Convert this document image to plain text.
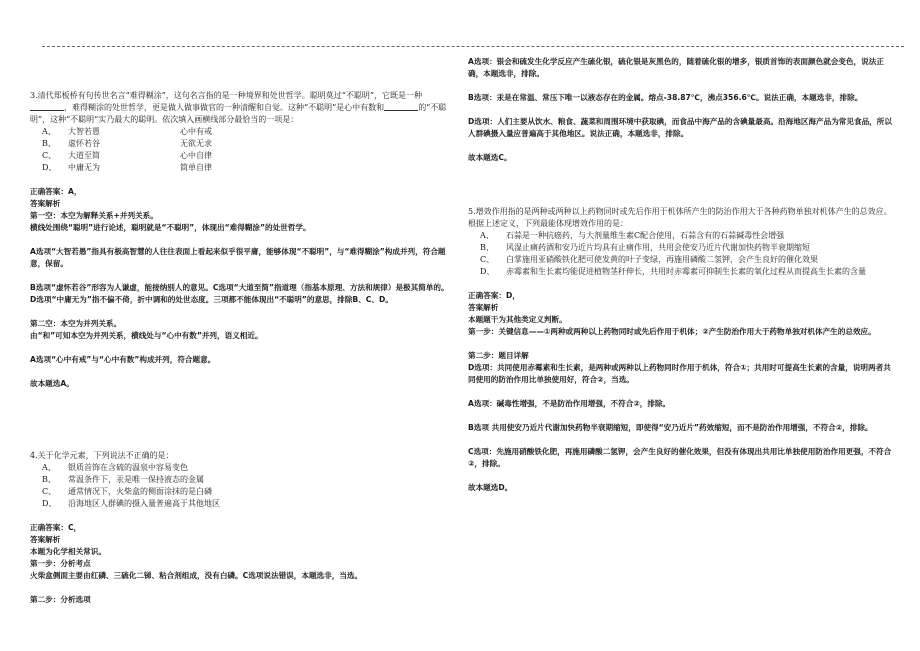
3.清代郑板桥有句传世名言“难得糊涂”，这句名言指的是一种境界和处世哲学。聪明莫过“不聪明”，它既是一种，难得糊涂的处世哲学，更是做人做事做官的一种清醒和自觉。这种“不聪明”是心中有数和	的“不聪明”，这种“不聪明”实乃最大的聪明。依次填入画横线部分最恰当的一项是：

A、	大智若愚	心中有戒
B、	虚怀若谷	无欲无求
C、	大道至简	心中自律
D、	中庸无为	简单自律

正确答案：A，

答案解析

第一空：本空为解释关系+并列关系。

横线处围绕“聪明”进行论述，聪明就是“不聪明”，体现出“难得糊涂”的处世哲学。

A选项“大智若愚”指具有极高智慧的人往往表面上看起来似乎很平庸，能够体现“不聪明”，与“难得糊涂”构成并列，符合题意，保留。

B选项“虚怀若谷”形容为人谦虚，能接纳别人的意见。C选项“大道至简”指道理（指基本原理、方法和规律）是极其简单的。D选项“中庸无为”指不偏不倚，折中调和的处世态度。三项都不能体现出“不聪明”的意思，排除B、C、D。

第二空：本空为并列关系。

由“和”可知本空为并列关系，横线处与“心中有数”并列，语义相近。

A选项“心中有戒”与“心中有数”构成并列，符合题意。

故本题选A。

4.关于化学元素，下列说法不正确的是：

A、	银质首饰在含硫的温泉中容易变色
B、	常温条件下，汞是唯一保持液态的金属
C、	通常情况下，火柴盒的侧面涂抹的是白磷
D、	沿海地区人群碘的摄入量普遍高于其他地区

正确答案：C，

答案解析

本题为化学相关常识。

第一步：分析考点

火柴盒侧面主要由红磷、三硫化二锑、粘合剂组成，没有白磷。C选项说法错误，本题选非，当选。

第二步：分析选项

A选项：银会和硫发生化学反应产生硫化银，硫化银是灰黑色的，随着硫化银的增多，银质首饰的表面颜色就会变色，说法正确，本题选非，排除。

B选项：汞是在常温、常压下唯一以液态存在的金属。熔点-38.87℃，沸点356.6℃。说法正确，本题选非，排除。

D选项：人们主要从饮水、粮食、蔬菜和周围环境中获取碘，而食品中海产品的含碘量最高。沿海地区海产品为常见食品，所以人群碘摄入量应普遍高于其他地区。说法正确，本题选非，排除。

故本题选C。

5.增效作用指的是两种或两种以上药物同时或先后作用于机体所产生的防治作用大于各种药物单独对机体产生的总效应。根据上述定义，下列最能体现增效作用的是：

A、	石蒜是一种抗癌药，与大剂量维生素C配合使用，石蒜含有的石蒜碱毒性会增强
B、	风湿止痛药酒和安乃近片均具有止痛作用，共用会使安乃近片代谢加快药物半衰期缩短
C、	白掌施用亚硝酸铁化肥可使发黄的叶子变绿，再施用磷酸二氢钾，会产生良好的催化效果
D、	赤霉素和生长素均能促进植物茎秆伸长，共用时赤霉素可抑制生长素的氧化过程从而提高生长素的含量

正确答案：D，

答案解析

本题题干为其他类定义判断。

第一步：关键信息——①两种或两种以上药物同时或先后作用于机体；②产生防治作用大于药物单独对机体产生的总效应。

第二步：题目详解

D选项：共同使用赤霉素和生长素，是两种或两种以上药物同时作用于机体，符合①；共用时可提高生长素的含量，说明两者共同使用的防治作用比单独使用好，符合②，当选。

A选项：碱毒性增强，不是防治作用增强，不符合②，排除。

B选项 共用使安乃近片代谢加快药物半衰期缩短，即使得“安乃近片”药效缩短，而不是防治作用增强，不符合②，排除。

C选项：先施用硝酸铁化肥，再施用磷酸二氢钾，会产生良好的催化效果，但没有体现出共用比单独使用防治作用更强，不符合②，排除。

故本题选D。
